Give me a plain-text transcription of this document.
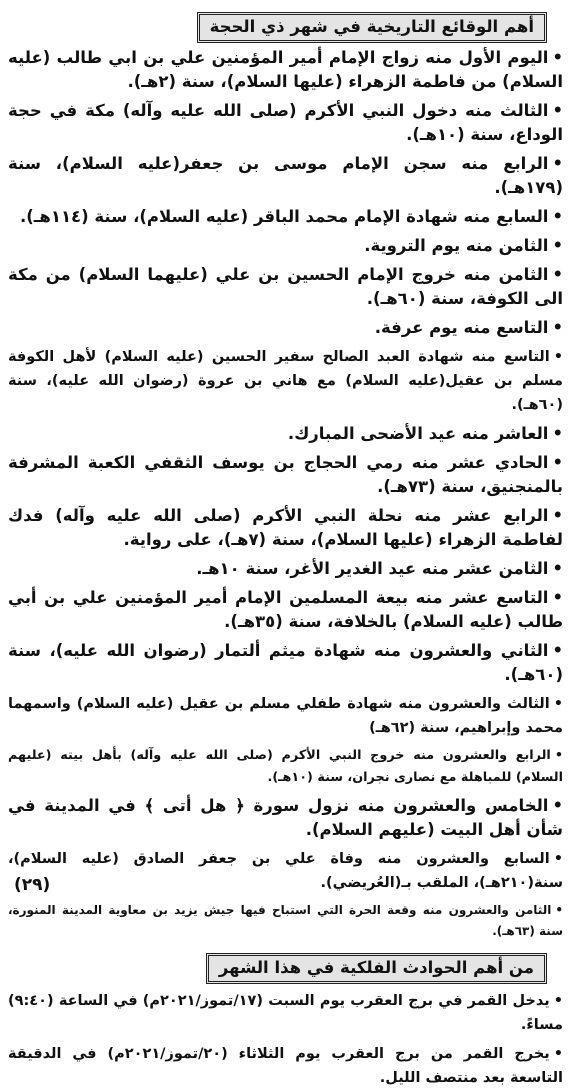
أهم الوقائع التاريخية في شهر ذي الحجة
•اليوم الأول منه زواج الإمام أمير المؤمنين علي بن ابي طالب (عليه السلام) من فاطمة الزهراء (عليها السلام)، سنة (٢هـ).
•الثالث منه دخول النبي الأكرم (صلى الله عليه وآله) مكة في حجة الوداع، سنة (١٠هـ).
•الرابع منه سجن الإمام موسى بن جعفر(عليه السلام)، سنة (١٧٩هـ).
•السابع منه شهادة الإمام محمد الباقر (عليه السلام)، سنة (١١٤هـ).
•الثامن منه يوم التروية.
•الثامن منه خروج الإمام الحسين بن علي (عليهما السلام) من مكة الى الكوفة، سنة (٦٠هـ).
•التاسع منه يوم عرفة.
•التاسع منه شهادة العبد الصالح سفير الحسين (عليه السلام) لأهل الكوفة مسلم بن عقيل(عليه السلام) مع هاني بن عروة (رضوان الله عليه)، سنة (٦٠هـ).
•العاشر منه عيد الأضحى المبارك.
•الحادي عشر منه رمي الحجاج بن يوسف الثقفي الكعبة المشرفة بالمنجنيق، سنة (٧٣هـ).
•الرابع عشر منه نحلة النبي الأكرم (صلى الله عليه وآله) فدك لفاطمة الزهراء (عليها السلام)، سنة (٧هـ)، على رواية.
•الثامن عشر منه عيد الغدير الأغر، سنة ١٠هـ.
•التاسع عشر منه بيعة المسلمين الإمام أمير المؤمنين علي بن أبي طالب (عليه السلام) بالخلافة، سنة (٣٥هـ).
•الثاني والعشرون منه شهادة ميثم ألتمار (رضوان الله عليه)، سنة (٦٠هـ).
•الثالث والعشرون منه شهادة طفلي مسلم بن عقيل (عليه السلام) واسمهما محمد وإبراهيم، سنة (٦٢هـ)
•الرابع والعشرون منه خروج النبي الأكرم (صلى الله عليه وآله) بأهل بيته (عليهم السلام) للمباهلة مع نصارى نجران، سنة (١٠هـ).
•الخامس والعشرون منه نزول سورة ﴿ هل أتى ﴾ في المدينة في شأن أهل البيت (عليهم السلام).
•السابع والعشرون منه وفاة علي بن جعفر الصادق (عليه السلام)، سنة(٢١٠هـ)، الملقب بـ(العُريضي).
•الثامن والعشرون منه وقعة الحرة التي استباح فيها جيش يزيد بن معاوية المدينة المنورة، سنة (٦٣هـ).
من أهم الحوادث الفلكية في هذا الشهر
•يدخل القمر في برج العقرب يوم السبت (١٧/تموز/٢٠٢١م) في الساعة (٩:٤٠) مساءً.
•يخرج القمر من برج العقرب يوم الثلاثاء (٢٠/تموز/٢٠٢١م) في الدقيقة التاسعة بعد منتصف الليل.
(٢٩)
